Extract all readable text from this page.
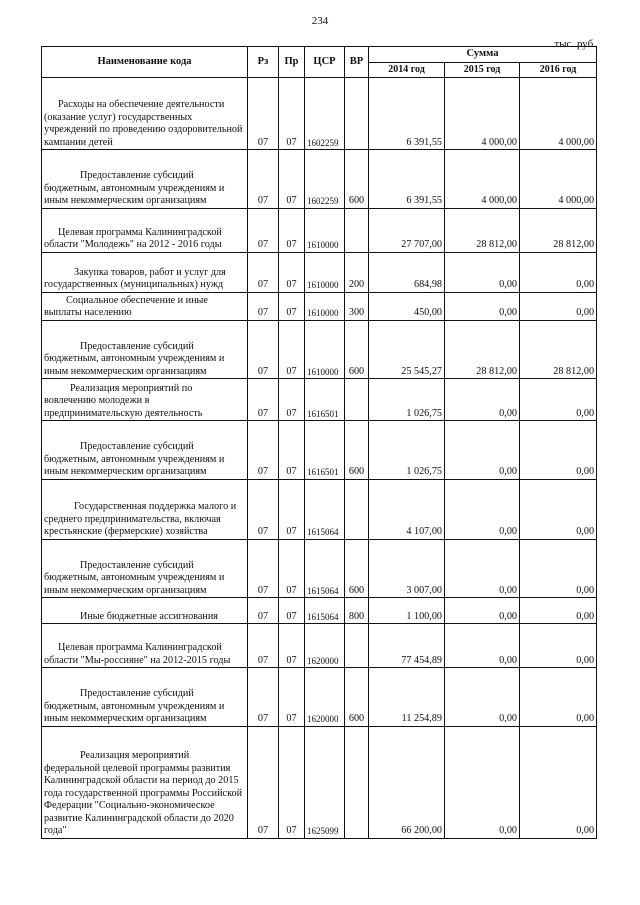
234
тыс. руб.
Наименование кода	Рз	Пр	ЦСР	ВР	Сумма		
					2014 год	2015 год	2016 год

Расходы на обеспечение деятельности (оказание услуг) государственных учреждений по проведению оздоровительной кампании детей	07	07	1602259		6 391,55	4 000,00	4 000,00

Предоставление субсидий бюджетным, автономным учреждениям и иным некоммерческим организациям	07	07	1602259	600	6 391,55	4 000,00	4 000,00

Целевая программа Калининградской области "Молодежь" на 2012 - 2016 годы	07	07	1610000		27 707,00	28 812,00	28 812,00

Закупка товаров, работ и услуг для государственных (муниципальных) нужд	07	07	1610000	200	684,98	0,00	0,00

Социальное обеспечение и иные выплаты населению	07	07	1610000	300	450,00	0,00	0,00

Предоставление субсидий бюджетным, автономным учреждениям и иным некоммерческим организациям	07	07	1610000	600	25 545,27	28 812,00	28 812,00

Реализация мероприятий по вовлечению молодежи в предпринимательскую деятельность	07	07	1616501		1 026,75	0,00	0,00

Предоставление субсидий бюджетным, автономным учреждениям и иным некоммерческим организациям	07	07	1616501	600	1 026,75	0,00	0,00

Государственная поддержка малого и среднего предпринимательства, включая крестьянские (фермерские) хозяйства	07	07	1615064		4 107,00	0,00	0,00

Предоставление субсидий бюджетным, автономным учреждениям и иным некоммерческим организациям	07	07	1615064	600	3 007,00	0,00	0,00

Иные бюджетные ассигнования	07	07	1615064	800	1 100,00	0,00	0,00

Целевая программа Калининградской области "Мы-россияне" на 2012-2015 годы	07	07	1620000		77 454,89	0,00	0,00

Предоставление субсидий бюджетным, автономным учреждениям и иным некоммерческим организациям	07	07	1620000	600	11 254,89	0,00	0,00

Реализация мероприятий федеральной целевой программы развития Калининградской области на период до 2015 года государственной программы Российской Федерации "Социально-экономическое развитие Калининградской области до 2020 года"	07	07	1625099		66 200,00	0,00	0,00
